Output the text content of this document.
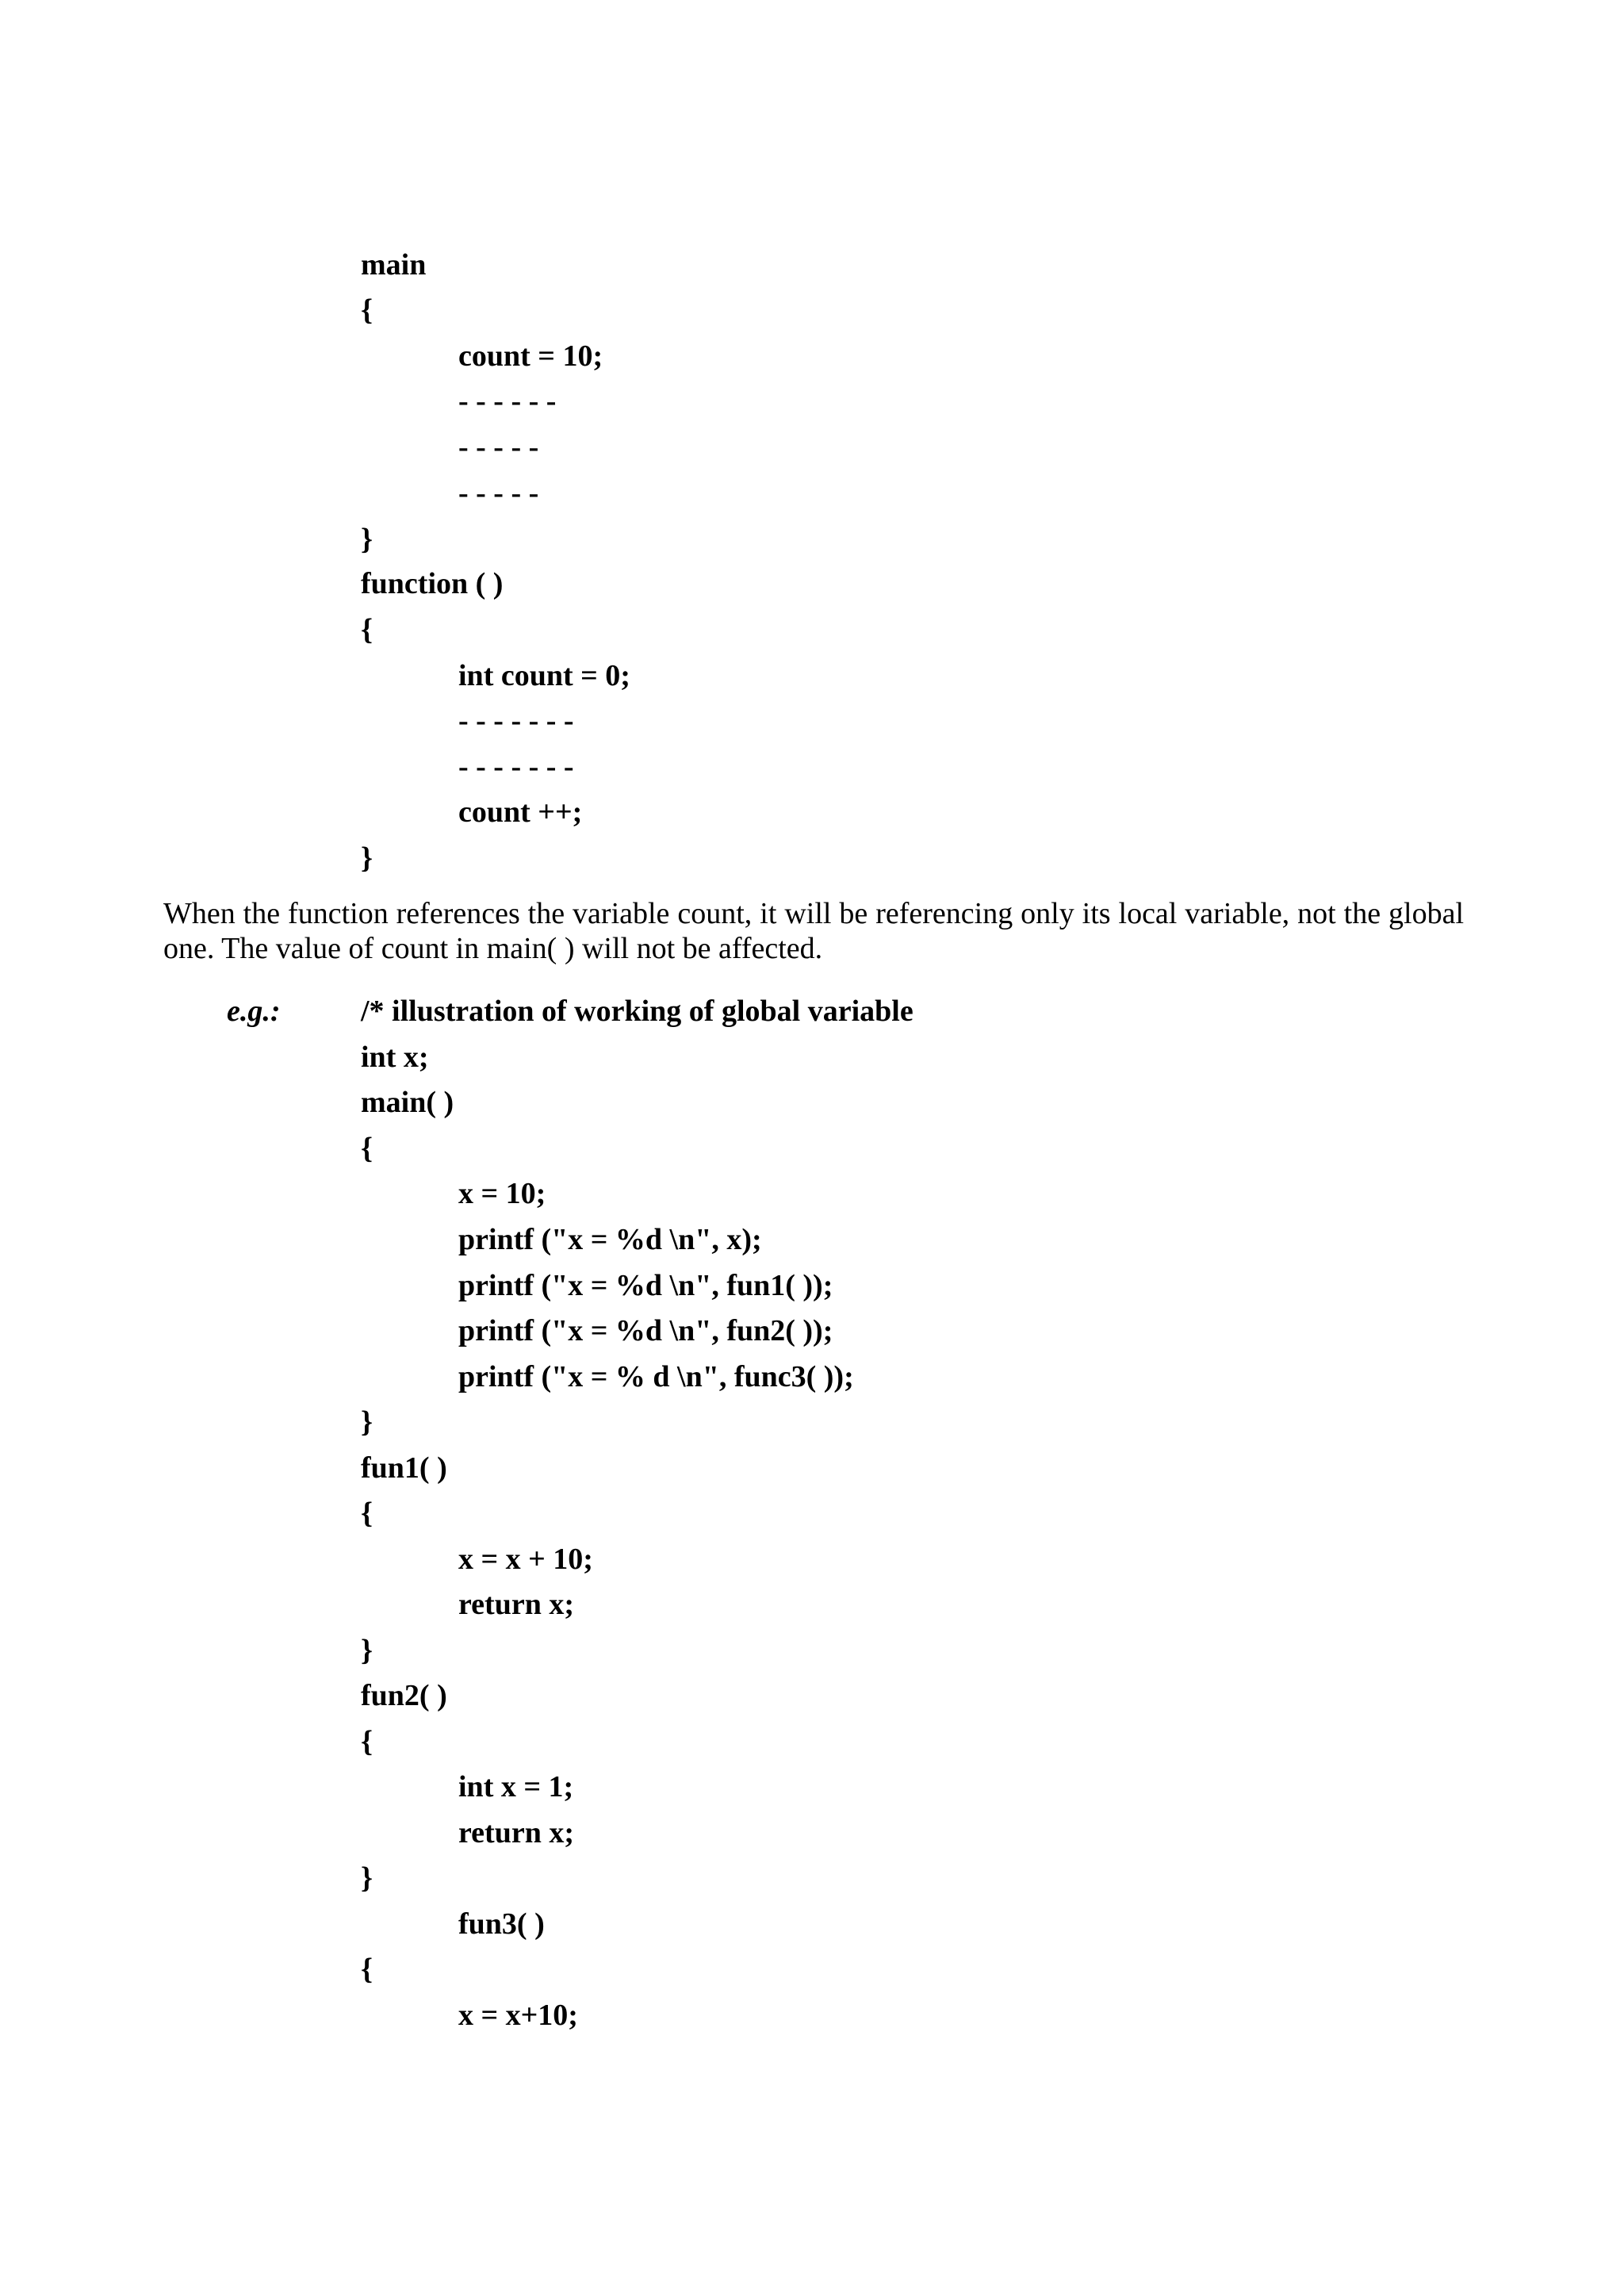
main
{
count = 10;
- - - - - -
- - - - -
- - - - -
}
function ( )
{
int count = 0;
- - - - - - -
- - - - - - -
count ++;
}
When the function references the variable count, it will be referencing only its local variable, not the global one. The value of count in main( ) will not be affected.
e.g.:	/* illustration of working of global variable
int x;
main( )
{
x = 10;
printf ("x = %d \n", x);
printf ("x = %d \n", fun1( ));
printf ("x = %d \n", fun2( ));
printf ("x = % d \n", func3( ));
}
fun1( )
{
x = x + 10;
return x;
}
fun2( )
{
int x = 1;
return x;
}
fun3( )
{
x = x+10;
